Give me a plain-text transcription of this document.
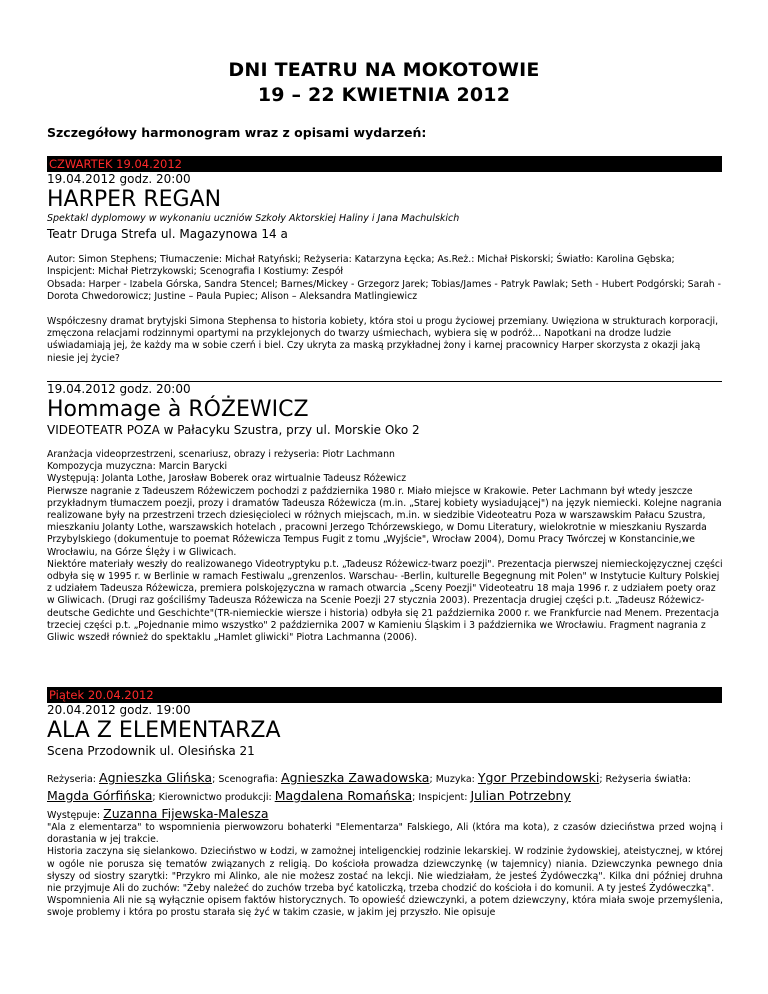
DNI TEATRU NA MOKOTOWIE
19 – 22 KWIETNIA 2012
Szczegółowy harmonogram wraz z opisami wydarzeń:
CZWARTEK 19.04.2012
19.04.2012 godz. 20:00
HARPER REGAN
Spektakl dyplomowy w wykonaniu uczniów Szkoły Aktorskiej Haliny i Jana Machulskich
Teatr Druga Strefa ul. Magazynowa 14 a

Autor: Simon Stephens; Tłumaczenie: Michał Ratyński; Reżyseria: Katarzyna Łęcka; As.Reż.: Michał Piskorski; Światło: Karolina Gębska; Inspicjent: Michał Pietrzykowski; Scenografia I Kostiumy: Zespół

Obsada: Harper - Izabela Górska, Sandra Stencel; Barnes/Mickey - Grzegorz Jarek; Tobias/James - Patryk Pawlak; Seth - Hubert Podgórski; Sarah - Dorota Chwedorowicz; Justine – Paula Pupiec; Alison – Aleksandra Matlingiewicz

Współczesny dramat brytyjski Simona Stephensa to historia kobiety, która stoi u progu życiowej przemiany. Uwięziona w strukturach korporacji, zmęczona relacjami rodzinnymi opartymi na przyklejonych do twarzy uśmiechach, wybiera się w podróż... Napotkani na drodze ludzie uświadamiają jej, że każdy ma w sobie czerń i biel. Czy ukryta za maską przykładnej żony i karnej pracownicy Harper skorzysta z okazji jaką niesie jej życie?

19.04.2012 godz. 20:00
Hommage à RÓŻEWICZ
VIDEOTEATR POZA w Pałacyku Szustra, przy ul. Morskie Oko 2

Aranżacja videoprzestrzeni, scenariusz, obrazy i reżyseria: Piotr Lachmann

Kompozycja muzyczna: Marcin Barycki

Występują: Jolanta Lothe, Jarosław Boberek oraz wirtualnie Tadeusz Różewicz

Pierwsze nagranie z Tadeuszem Różewiczem pochodzi z października 1980 r. Miało miejsce w Krakowie. Peter Lachmann był wtedy jeszcze przykładnym tłumaczem poezji, prozy i dramatów Tadeusza Różewicza (m.in. „Starej kobiety wysiadującej") na język niemiecki. Kolejne nagrania realizowane były na przestrzeni trzech dziesięcioleci w różnych miejscach, m.in. w siedzibie Videoteatru Poza w warszawskim Pałacu Szustra, mieszkaniu Jolanty Lothe, warszawskich hotelach , pracowni Jerzego Tchórzewskiego, w Domu Literatury, wielokrotnie w mieszkaniu Ryszarda Przybylskiego (dokumentuje to poemat Różewicza Tempus Fugit z tomu „Wyjście", Wrocław 2004), Domu Pracy Twórczej w Konstancinie,we Wrocławiu, na Górze Ślęży i w Gliwicach.

Niektóre materiały weszły do realizowanego Videotryptyku p.t. „Tadeusz Różewicz-twarz poezji". Prezentacja pierwszej niemieckojęzycznej części odbyła się w 1995 r. w Berlinie w ramach Festiwalu „grenzenlos. Warschau- -Berlin, kulturelle Begegnung mit Polen" w Instytucie Kultury Polskiej z udziałem Tadeusza Różewicza, premiera polskojęzyczna w ramach otwarcia „Sceny Poezji" Videoteatru 18 maja 1996 r. z udziałem poety oraz w Gliwicach. (Drugi raz gościliśmy Tadeusza Różewicza na Scenie Poezji 27 stycznia 2003). Prezentacja drugiej części p.t. „Tadeusz Różewicz-deutsche Gedichte und Geschichte"(TR-niemieckie wiersze i historia) odbyła się 21 października 2000 r. we Frankfurcie nad Menem. Prezentacja trzeciej części p.t. „Pojednanie mimo wszystko" 2 października 2007 w Kamieniu Śląskim i 3 października we Wrocławiu. Fragment nagrania z Gliwic wszedł również do spektaklu „Hamlet gliwicki" Piotra Lachmanna (2006).

Piątek 20.04.2012
20.04.2012 godz. 19:00
ALA Z ELEMENTARZA
Scena Przodownik ul. Olesińska 21
Reżyseria: Agnieszka Glińska; Scenografia: Agnieszka Zawadowska; Muzyka: Ygor Przebindowski; Reżyseria światła: Magda Górfińska; Kierownictwo produkcji: Magdalena Romańska; Inspicjent: Julian Potrzebny
Występuje: Zuzanna Fijewska-Malesza

"Ala z elementarza" to wspomnienia pierwowzoru bohaterki "Elementarza" Falskiego, Ali (która ma kota), z czasów dzieciństwa przed wojną i dorastania w jej trakcie.

Historia zaczyna się sielankowo. Dzieciństwo w Łodzi, w zamożnej inteligenckiej rodzinie lekarskiej. W rodzinie żydowskiej, ateistycznej, w której w ogóle nie porusza się tematów związanych z religią. Do kościoła prowadza dziewczynkę (w tajemnicy) niania. Dziewczynka pewnego dnia słyszy od siostry szarytki: "Przykro mi Alinko, ale nie możesz zostać na lekcji. Nie wiedziałam, że jesteś Żydóweczką". Kilka dni później druhna nie przyjmuje Ali do zuchów: "Żeby należeć do zuchów trzeba być katoliczką, trzeba chodzić do kościoła i do komunii. A ty jesteś Żydóweczką".

Wspomnienia Ali nie są wyłącznie opisem faktów historycznych. To opowieść dziewczynki, a potem dziewczyny, która miała swoje przemyślenia, swoje problemy i która po prostu starała się żyć w takim czasie, w jakim jej przyszło. Nie opisuje
